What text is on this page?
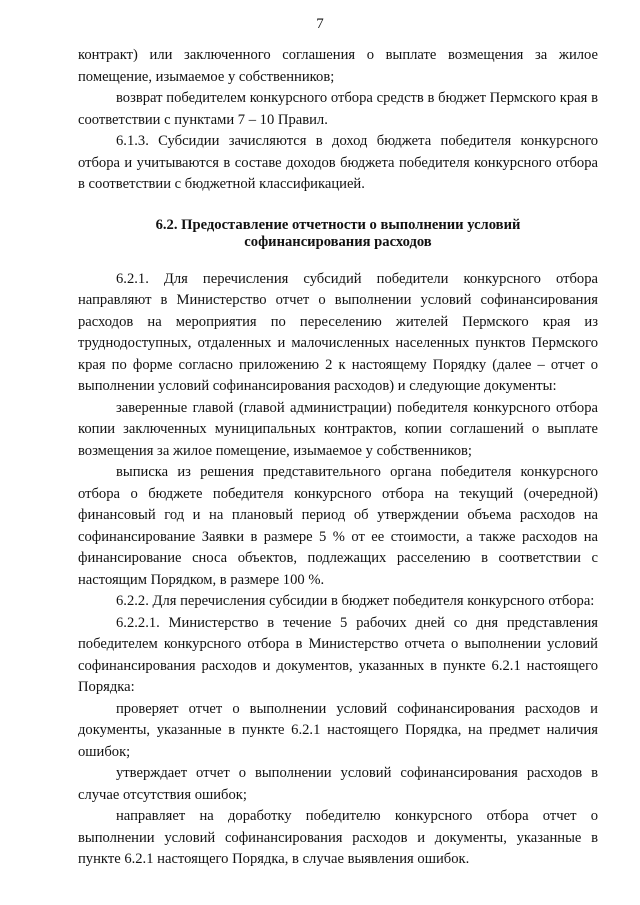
7

контракт) или заключенного соглашения о выплате возмещения за жилое помещение, изымаемое у собственников;

возврат победителем конкурсного отбора средств в бюджет Пермского края в соответствии с пунктами 7 – 10 Правил.

6.1.3. Субсидии зачисляются в доход бюджета победителя конкурсного отбора и учитываются в составе доходов бюджета победителя конкурсного отбора в соответствии с бюджетной классификацией.

6.2. Предоставление отчетности о выполнении условий
софинансирования расходов

6.2.1. Для перечисления субсидий победители конкурсного отбора направляют в Министерство отчет о выполнении условий софинансирования расходов на мероприятия по переселению жителей Пермского края из труднодоступных, отдаленных и малочисленных населенных пунктов Пермского края по форме согласно приложению 2 к настоящему Порядку (далее – отчет о выполнении условий софинансирования расходов) и следующие документы:

заверенные главой (главой администрации) победителя конкурсного отбора копии заключенных муниципальных контрактов, копии соглашений о выплате возмещения за жилое помещение, изымаемое у собственников;

выписка из решения представительного органа победителя конкурсного отбора о бюджете победителя конкурсного отбора на текущий (очередной) финансовый год и на плановый период об утверждении объема расходов на софинансирование Заявки в размере 5 % от ее стоимости, а также расходов на финансирование сноса объектов, подлежащих расселению в соответствии с настоящим Порядком, в размере 100 %.

6.2.2. Для перечисления субсидии в бюджет победителя конкурсного отбора:

6.2.2.1. Министерство в течение 5 рабочих дней со дня представления победителем конкурсного отбора в Министерство отчета о выполнении условий софинансирования расходов и документов, указанных в пункте 6.2.1 настоящего Порядка:

проверяет отчет о выполнении условий софинансирования расходов и документы, указанные в пункте 6.2.1 настоящего Порядка, на предмет наличия ошибок;

утверждает отчет о выполнении условий софинансирования расходов в случае отсутствия ошибок;

направляет на доработку победителю конкурсного отбора отчет о выполнении условий софинансирования расходов и документы, указанные в пункте 6.2.1 настоящего Порядка, в случае выявления ошибок.
